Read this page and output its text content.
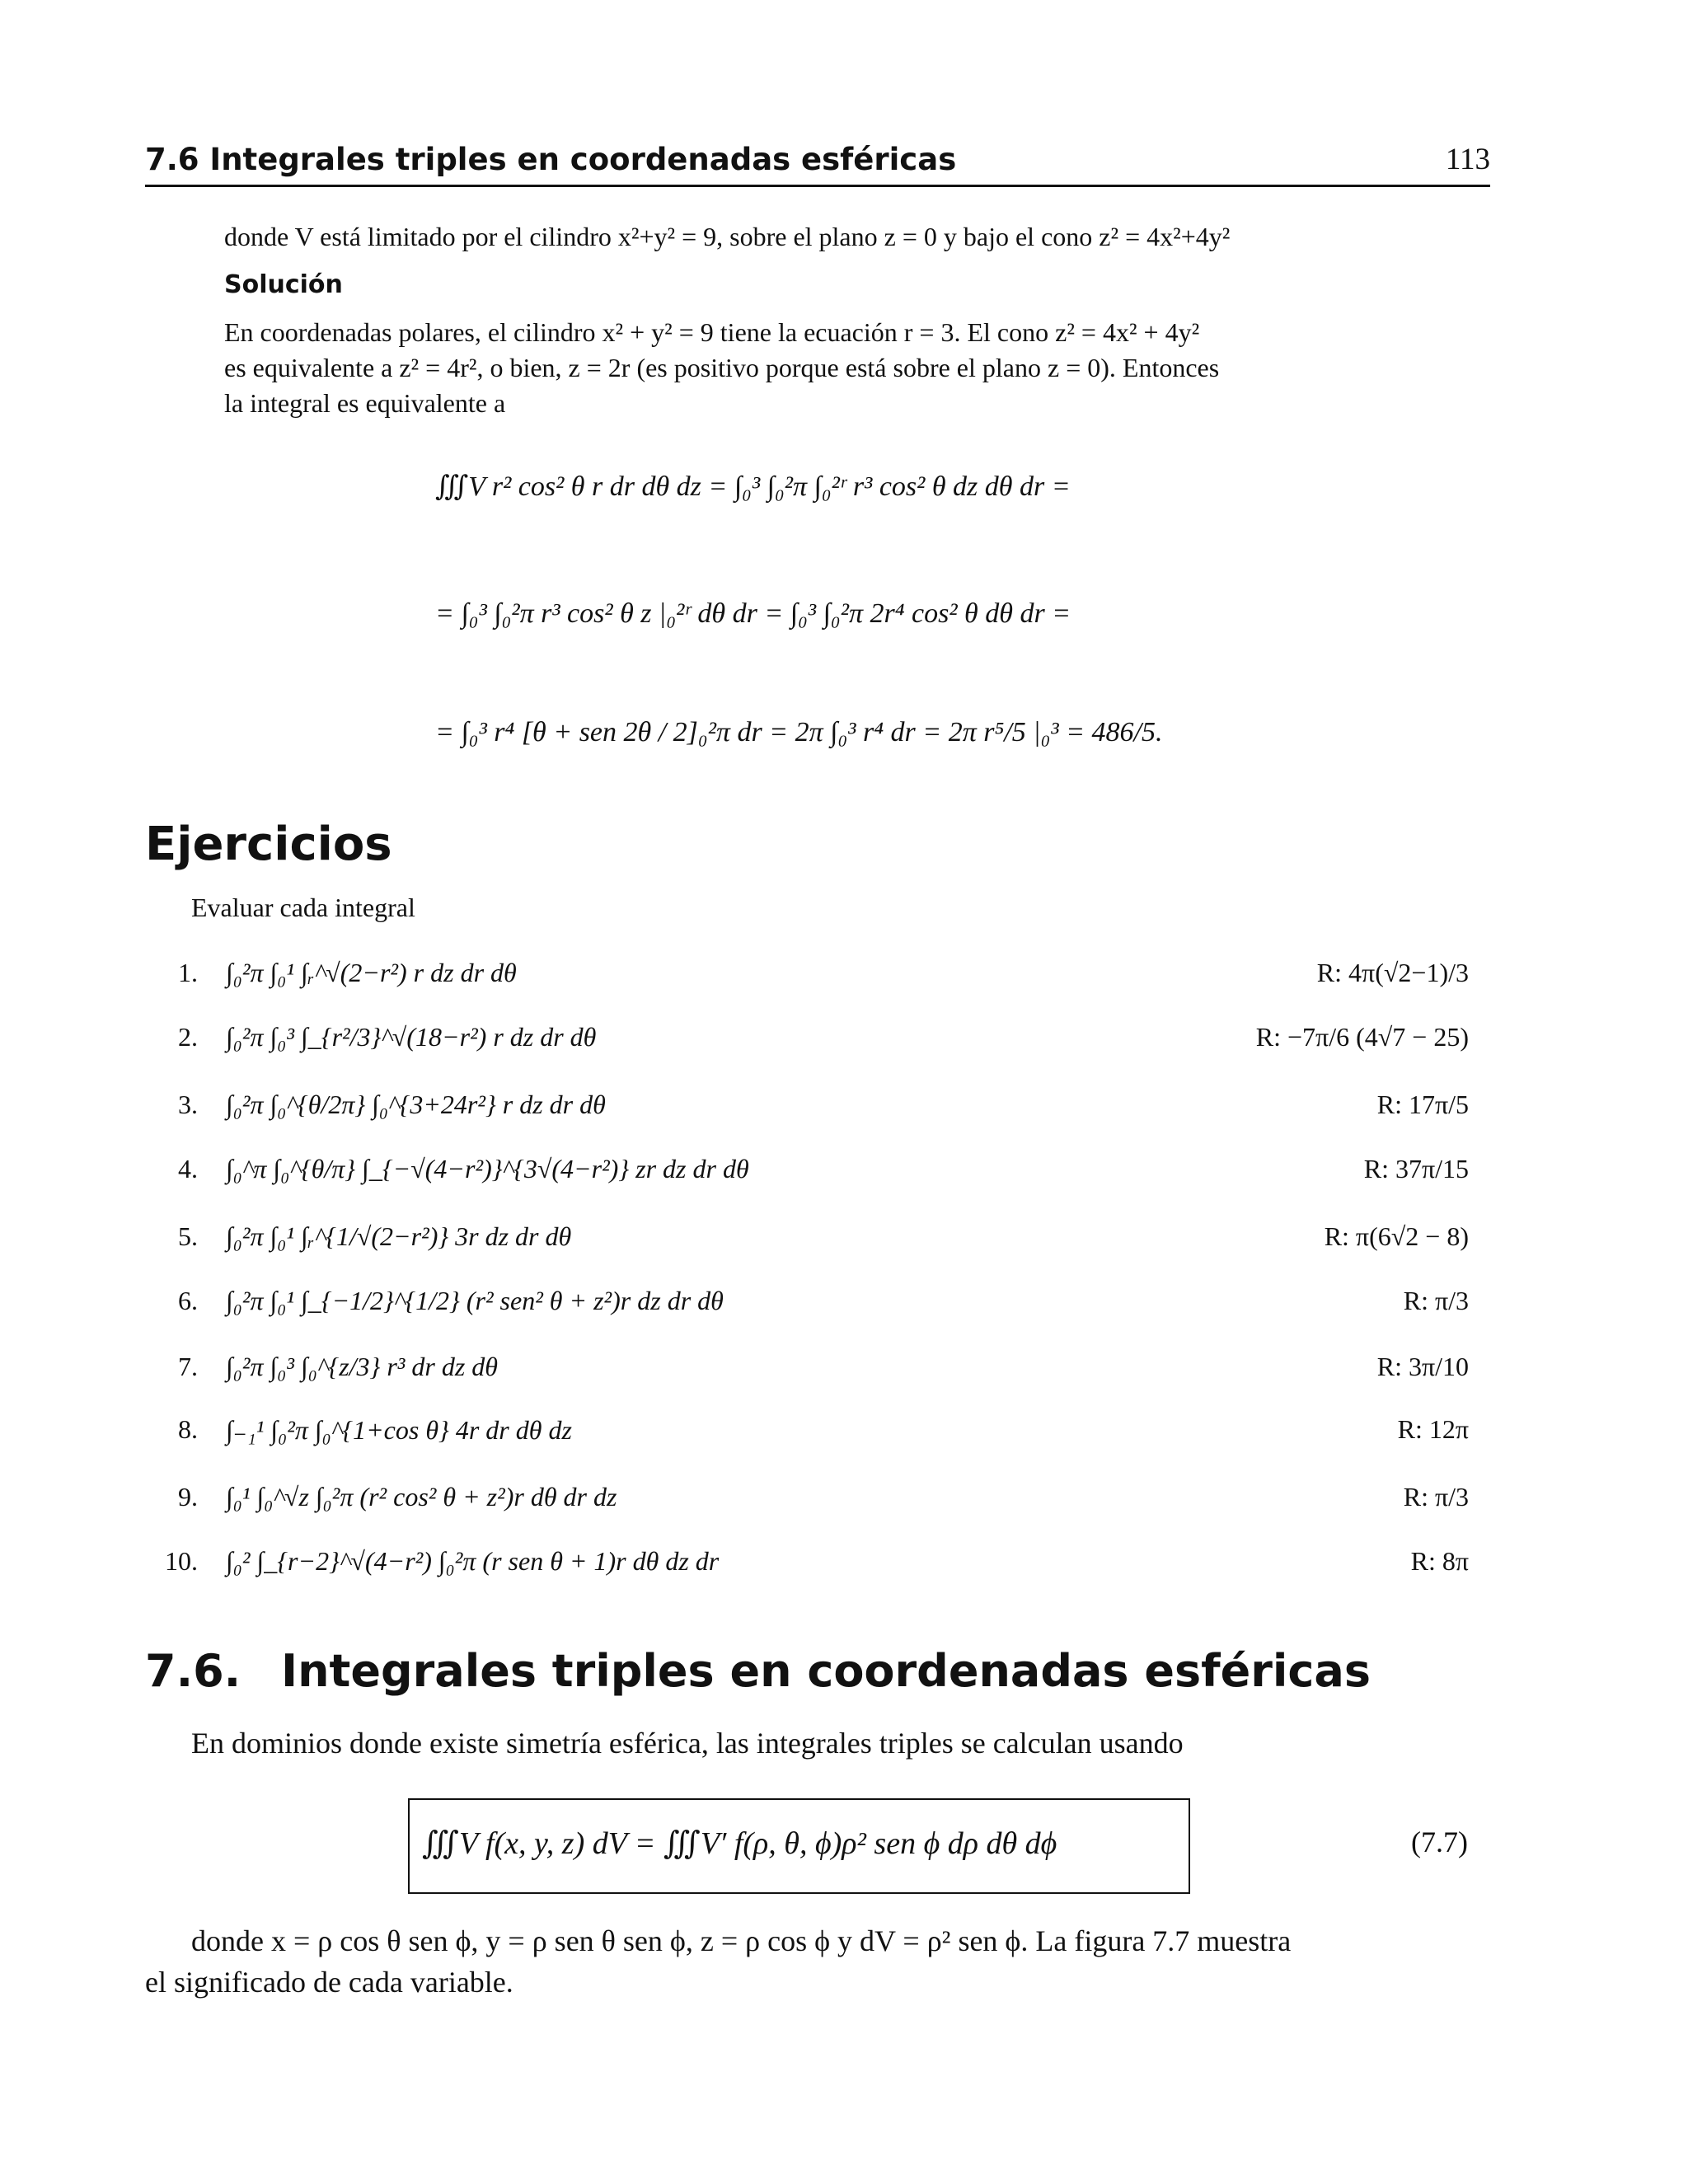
7.6 Integrales triples en coordenadas esféricas	113
donde V está limitado por el cilindro x²+y² = 9, sobre el plano z = 0 y bajo el cono z² = 4x²+4y²
Solución
En coordenadas polares, el cilindro x² + y² = 9 tiene la ecuación r = 3. El cono z² = 4x² + 4y²
es equivalente a z² = 4r², o bien, z = 2r (es positivo porque está sobre el plano z = 0). Entonces
la integral es equivalente a
∭V r² cos² θ r dr dθ dz = ∫₀³ ∫₀²π ∫₀²ʳ r³ cos² θ dz dθ dr =
= ∫₀³ ∫₀²π r³ cos² θ z |₀²ʳ dθ dr = ∫₀³ ∫₀²π 2r⁴ cos² θ dθ dr =
= ∫₀³ r⁴ [θ + sen 2θ / 2]₀²π dr = 2π ∫₀³ r⁴ dr = 2π r⁵/5 |₀³ = 486/5.
Ejercicios
Evaluar cada integral
1. ∫₀²π ∫₀¹ ∫ᵣ^√(2−r²) r dz dr dθ	R: 4π(√2−1)/3
2. ∫₀²π ∫₀³ ∫_{r²/3}^√(18−r²) r dz dr dθ	R: −7π/6 (4√7 − 25)
3. ∫₀²π ∫₀^{θ/2π} ∫₀^{3+24r²} r dz dr dθ	R: 17π/5
4. ∫₀^π ∫₀^{θ/π} ∫_{−√(4−r²)}^{3√(4−r²)} zr dz dr dθ	R: 37π/15
5. ∫₀²π ∫₀¹ ∫ᵣ^{1/√(2−r²)} 3r dz dr dθ	R: π(6√2 − 8)
6. ∫₀²π ∫₀¹ ∫_{−1/2}^{1/2} (r² sen² θ + z²)r dz dr dθ	R: π/3
7. ∫₀²π ∫₀³ ∫₀^{z/3} r³ dr dz dθ	R: 3π/10
8. ∫₋₁¹ ∫₀²π ∫₀^{1+cos θ} 4r dr dθ dz	R: 12π
9. ∫₀¹ ∫₀^√z ∫₀²π (r² cos² θ + z²)r dθ dr dz	R: π/3
10. ∫₀² ∫_{r−2}^√(4−r²) ∫₀²π (r sen θ + 1)r dθ dz dr	R: 8π
7.6. Integrales triples en coordenadas esféricas
En dominios donde existe simetría esférica, las integrales triples se calculan usando
∭V f(x, y, z) dV = ∭V′ f(ρ, θ, ϕ)ρ² sen ϕ dρ dθ dϕ	(7.7)
donde x = ρ cos θ sen ϕ, y = ρ sen θ sen ϕ, z = ρ cos ϕ y dV = ρ² sen ϕ. La figura 7.7 muestra
el significado de cada variable.
